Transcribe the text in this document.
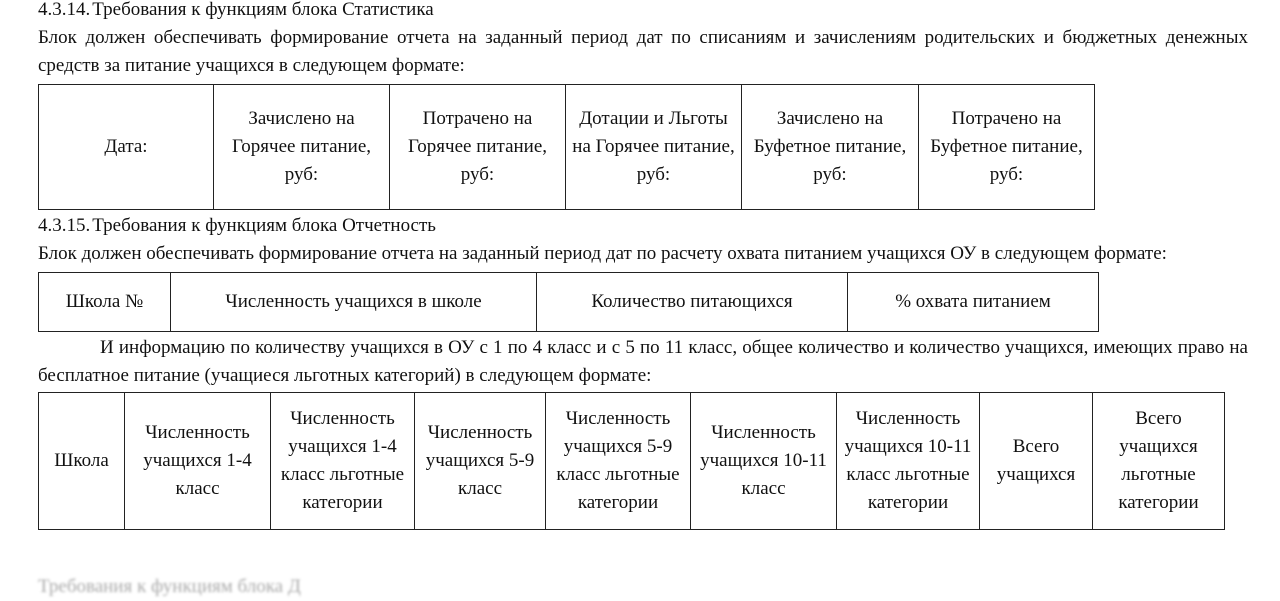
4.3.14. Требования к функциям блока Статистика
Блок должен обеспечивать формирование отчета на заданный период дат по списаниям и зачислениям родительских и бюджетных денежных средств за питание учащихся в следующем формате:
Дата:	Зачислено на Горячее питание, руб:	Потрачено на Горячее питание, руб:	Дотации и Льготы на Горячее питание, руб:	Зачислено на Буфетное питание, руб:	Потрачено на Буфетное питание, руб:
4.3.15. Требования к функциям блока Отчетность
Блок должен обеспечивать формирование отчета на заданный период дат по расчету охвата питанием учащихся ОУ в следующем формате:
Школа №	Численность учащихся в школе	Количество питающихся	% охвата питанием
И информацию по количеству учащихся в ОУ с 1 по 4 класс и с 5 по 11 класс, общее количество и количество учащихся, имеющих право на бесплатное питание (учащиеся льготных категорий) в следующем формате:
Школа	Численность учащихся 1-4 класс	Численность учащихся 1-4 класс льготные категории	Численность учащихся 5-9 класс	Численность учащихся 5-9 класс льготные категории	Численность учащихся 10-11 класс	Численность учащихся 10-11 класс льготные категории	Всего учащихся	Всего учащихся льготные категории
Требования к функциям блока Д
